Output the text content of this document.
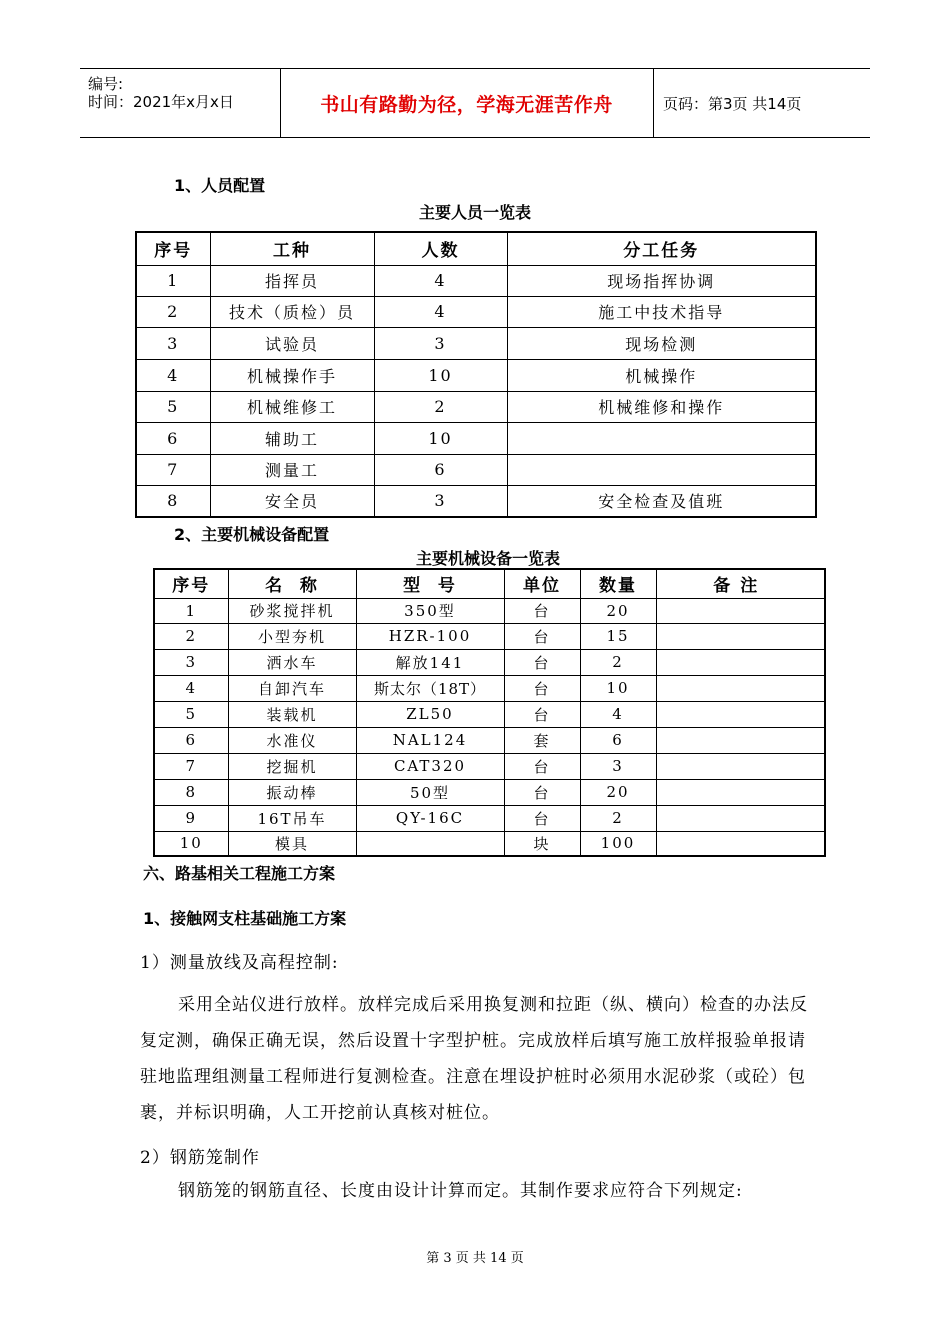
编号:
时间：2021年x月x日	书山有路勤为径，学海无涯苦作舟	页码：第3页 共14页
1、人员配置
主要人员一览表
序号	工种	人数	分工任务
1	指挥员	4	现场指挥协调
2	技术（质检）员	4	施工中技术指导
3	试验员	3	现场检测
4	机械操作手	10	机械操作
5	机械维修工	2	机械维修和操作
6	辅助工	10	
7	测量工	6	
8	安全员	3	安全检查及值班
2、主要机械设备配置
主要机械设备一览表
序号	名  称	型  号	单位	数量	备注
1	砂浆搅拌机	350型	台	20	
2	小型夯机	HZR-100	台	15	
3	洒水车	解放141	台	2	
4	自卸汽车	斯太尔（18T）	台	10	
5	装载机	ZL50	台	4	
6	水准仪	NAL124	套	6	
7	挖掘机	CAT320	台	3	
8	振动棒	50型	台	20	
9	16T吊车	QY-16C	台	2	
10	模具		块	100	
六、路基相关工程施工方案
1、接触网支柱基础施工方案
1）测量放线及高程控制:
采用全站仪进行放样。放样完成后采用换复测和拉距（纵、横向）检查的办法反复定测，确保正确无误，然后设置十字型护桩。完成放样后填写施工放样报验单报请驻地监理组测量工程师进行复测检查。注意在埋设护桩时必须用水泥砂浆（或砼）包裹，并标识明确，人工开挖前认真核对桩位。
2）钢筋笼制作
钢筋笼的钢筋直径、长度由设计计算而定。其制作要求应符合下列规定:
第 3 页 共 14 页
